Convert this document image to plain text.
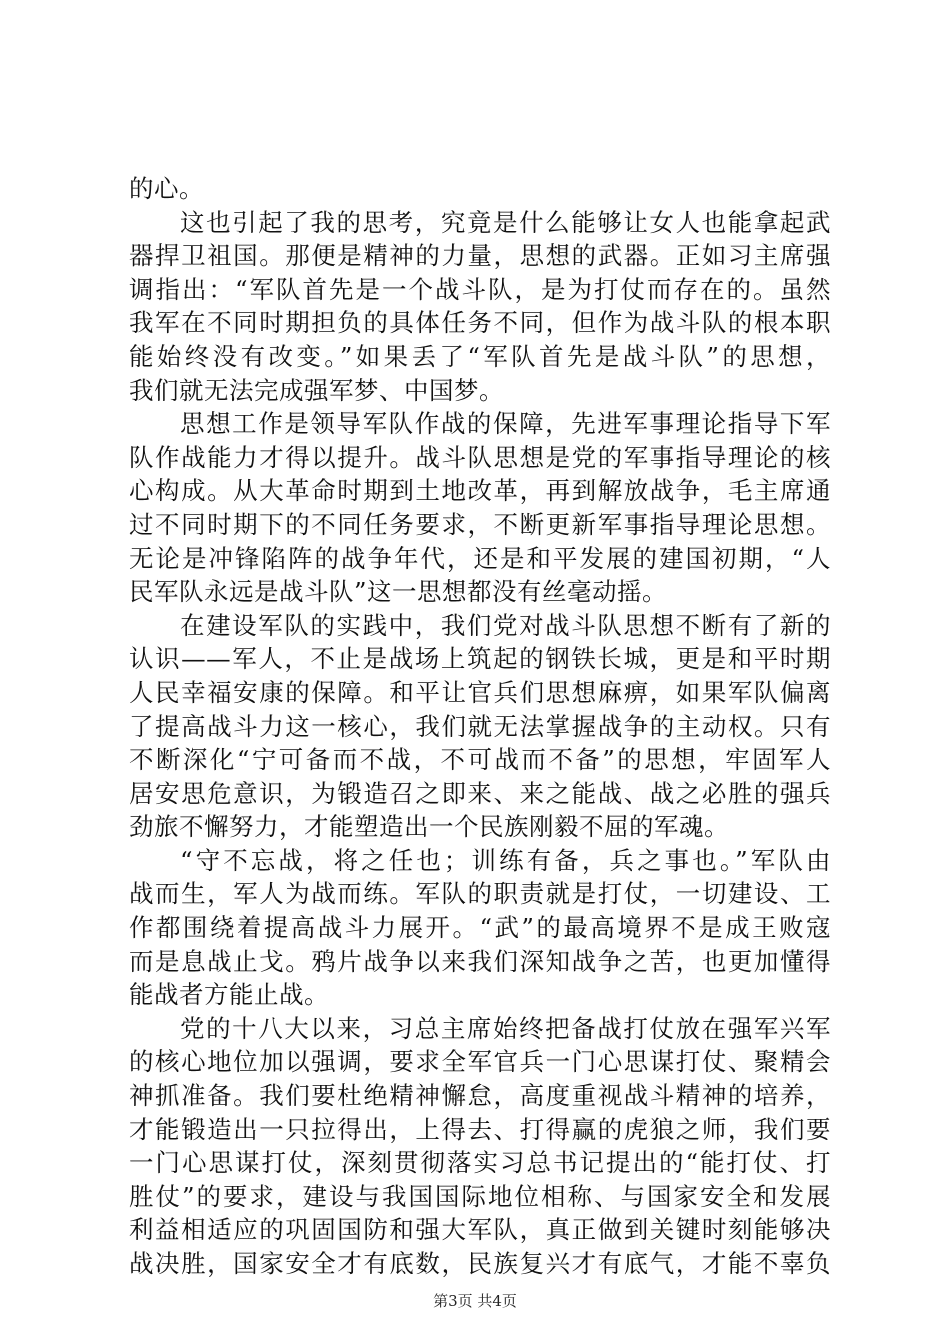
的心。
这也引起了我的思考，究竟是什么能够让女人也能拿起武
器捍卫祖国。那便是精神的力量，思想的武器。正如习主席强
调指出：“军队首先是一个战斗队，是为打仗而存在的。虽然
我军在不同时期担负的具体任务不同，但作为战斗队的根本职
能始终没有改变。”如果丢了“军队首先是战斗队”的思想，
我们就无法完成强军梦、中国梦。
思想工作是领导军队作战的保障，先进军事理论指导下军
队作战能力才得以提升。战斗队思想是党的军事指导理论的核
心构成。从大革命时期到土地改革，再到解放战争，毛主席通
过不同时期下的不同任务要求，不断更新军事指导理论思想。
无论是冲锋陷阵的战争年代，还是和平发展的建国初期，“人
民军队永远是战斗队”这一思想都没有丝毫动摇。
在建设军队的实践中，我们党对战斗队思想不断有了新的
认识——军人，不止是战场上筑起的钢铁长城，更是和平时期
人民幸福安康的保障。和平让官兵们思想麻痹，如果军队偏离
了提高战斗力这一核心，我们就无法掌握战争的主动权。只有
不断深化“宁可备而不战，不可战而不备”的思想，牢固军人
居安思危意识，为锻造召之即来、来之能战、战之必胜的强兵
劲旅不懈努力，才能塑造出一个民族刚毅不屈的军魂。
“守不忘战，将之任也；训练有备，兵之事也。”军队由
战而生，军人为战而练。军队的职责就是打仗，一切建设、工
作都围绕着提高战斗力展开。“武”的最高境界不是成王败寇
而是息战止戈。鸦片战争以来我们深知战争之苦，也更加懂得
能战者方能止战。
党的十八大以来，习总主席始终把备战打仗放在强军兴军
的核心地位加以强调，要求全军官兵一门心思谋打仗、聚精会
神抓准备。我们要杜绝精神懈怠，高度重视战斗精神的培养，
才能锻造出一只拉得出，上得去、打得赢的虎狼之师，我们要
一门心思谋打仗，深刻贯彻落实习总书记提出的“能打仗、打
胜仗”的要求，建设与我国国际地位相称、与国家安全和发展
利益相适应的巩固国防和强大军队，真正做到关键时刻能够决
战决胜，国家安全才有底数，民族复兴才有底气，才能不辜负
第3页 共4页
